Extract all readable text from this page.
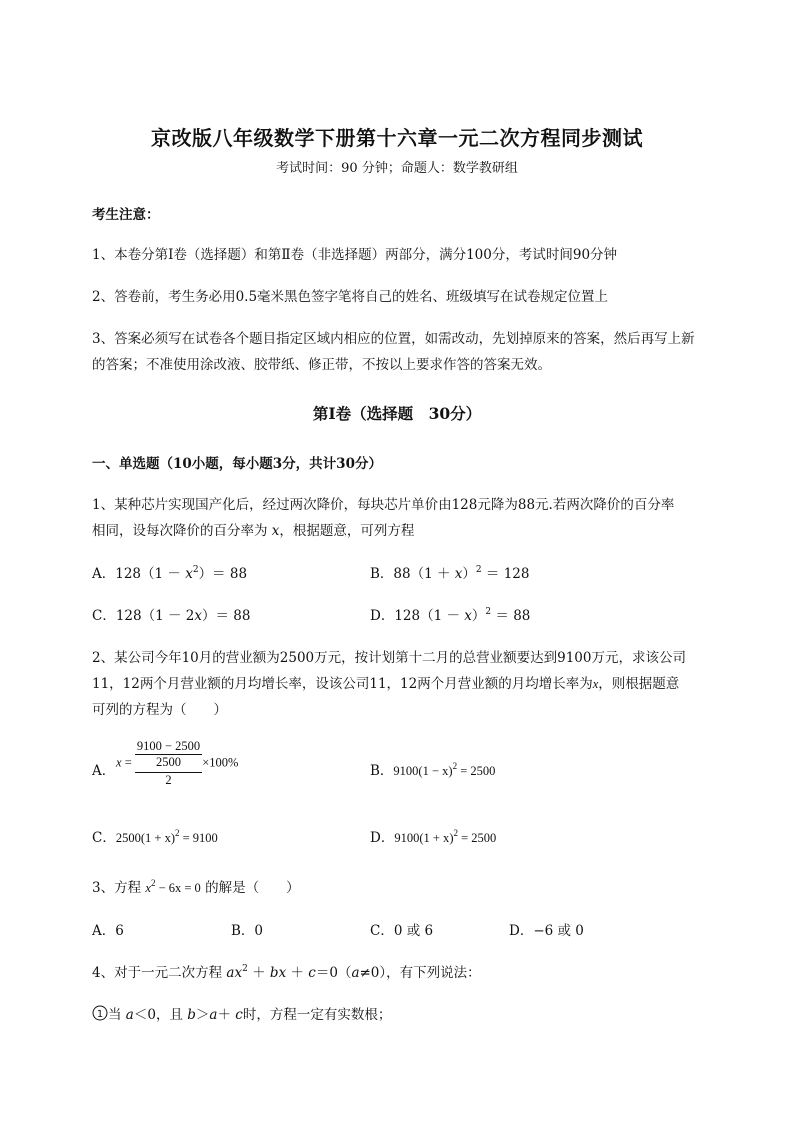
京改版八年级数学下册第十六章一元二次方程同步测试
考试时间：90 分钟；命题人：数学教研组
考生注意：
1、本卷分第Ⅰ卷（选择题）和第Ⅱ卷（非选择题）两部分，满分100分，考试时间90分钟
2、答卷前，考生务必用0.5毫米黑色签字笔将自己的姓名、班级填写在试卷规定位置上
3、答案必须写在试卷各个题目指定区域内相应的位置，如需改动，先划掉原来的答案，然后再写上新
的答案；不准使用涂改液、胶带纸、修正带，不按以上要求作答的答案无效。
第Ⅰ卷（选择题　30分）
一、单选题（10小题，每小题3分，共计30分）
1、某种芯片实现国产化后，经过两次降价，每块芯片单价由128元降为88元.若两次降价的百分率
相同，设每次降价的百分率为 x，根据题意，可列方程
A．$128(1 - x^2)= 88$	B．$88(1 + x)^2 = 128$
C．128（1 － 2x）＝ 88	D．$128(1 - x)^2 = 88$
2、某公司今年10月的营业额为2500万元，按计划第十二月的总营业额要达到9100万元，求该公司
11，12两个月营业额的月均增长率，设该公司11，12两个月营业额的月均增长率为x，则根据题意
可列的方程为（　　）
A．
$x = \frac{\frac{9100 - 2500}{2500}}{2} \times 100\%$
B．$9100(1 - x)^2 = 2500$
C．$2500(1 + x)^2 = 9100$	D．$9100(1 + x)^2 = 2500$
3、方程 $x^2 - 6x = 0$ 的解是（　　）
A．6	B．0	C．0 或 6	D．−6 或 0
4、对于一元二次方程 $ax^2$ ＋ bx ＋ c＝0（a≠0），有下列说法：
1 当 a＜0，且 b＞a＋ c时，方程一定有实数根；
